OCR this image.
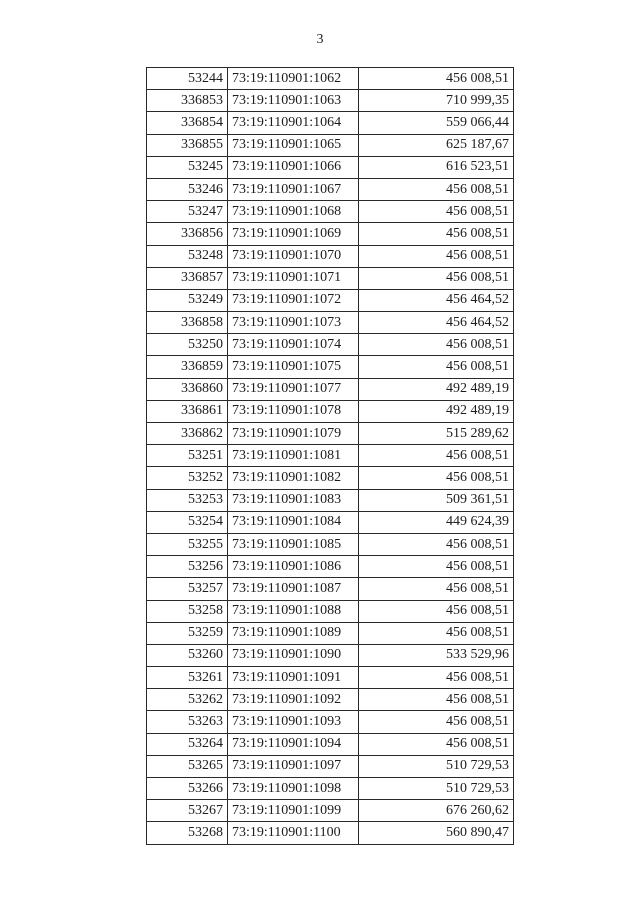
3
53244	73:19:110901:1062	456 008,51
336853	73:19:110901:1063	710 999,35
336854	73:19:110901:1064	559 066,44
336855	73:19:110901:1065	625 187,67
53245	73:19:110901:1066	616 523,51
53246	73:19:110901:1067	456 008,51
53247	73:19:110901:1068	456 008,51
336856	73:19:110901:1069	456 008,51
53248	73:19:110901:1070	456 008,51
336857	73:19:110901:1071	456 008,51
53249	73:19:110901:1072	456 464,52
336858	73:19:110901:1073	456 464,52
53250	73:19:110901:1074	456 008,51
336859	73:19:110901:1075	456 008,51
336860	73:19:110901:1077	492 489,19
336861	73:19:110901:1078	492 489,19
336862	73:19:110901:1079	515 289,62
53251	73:19:110901:1081	456 008,51
53252	73:19:110901:1082	456 008,51
53253	73:19:110901:1083	509 361,51
53254	73:19:110901:1084	449 624,39
53255	73:19:110901:1085	456 008,51
53256	73:19:110901:1086	456 008,51
53257	73:19:110901:1087	456 008,51
53258	73:19:110901:1088	456 008,51
53259	73:19:110901:1089	456 008,51
53260	73:19:110901:1090	533 529,96
53261	73:19:110901:1091	456 008,51
53262	73:19:110901:1092	456 008,51
53263	73:19:110901:1093	456 008,51
53264	73:19:110901:1094	456 008,51
53265	73:19:110901:1097	510 729,53
53266	73:19:110901:1098	510 729,53
53267	73:19:110901:1099	676 260,62
53268	73:19:110901:1100	560 890,47
